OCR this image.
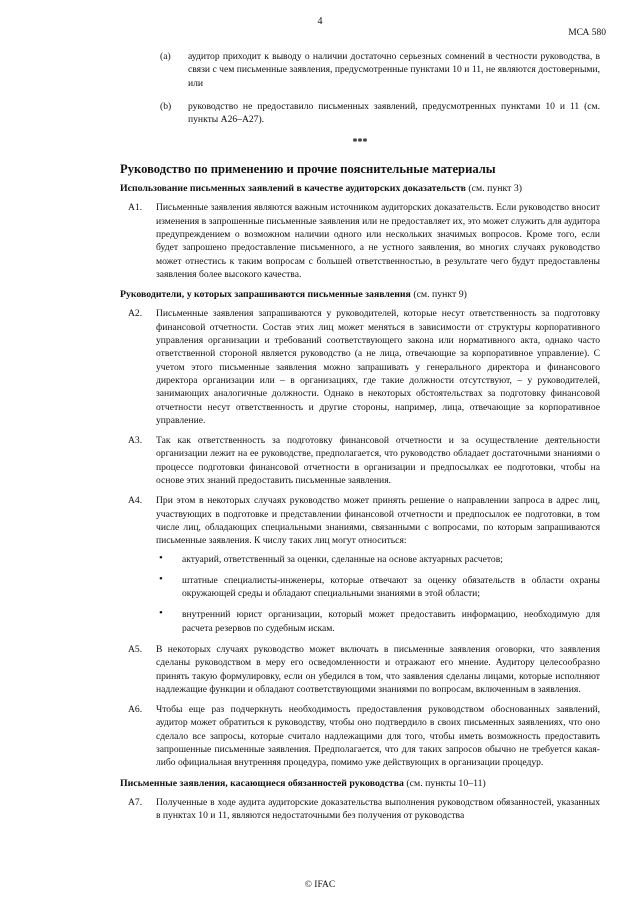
4
МСА 580
(a) аудитор приходит к выводу о наличии достаточно серьезных сомнений в честности руководства, в связи с чем письменные заявления, предусмотренные пунктами 10 и 11, не являются достоверными, или

(b) руководство не предоставило письменных заявлений, предусмотренных пунктами 10 и 11 (см. пункты A26–A27).

***
Руководство по применению и прочие пояснительные материалы
Использование письменных заявлений в качестве аудиторских доказательств (см. пункт 3)
A1. Письменные заявления являются важным источником аудиторских доказательств. Если руководство вносит изменения в запрошенные письменные заявления или не предоставляет их, это может служить для аудитора предупреждением о возможном наличии одного или нескольких значимых вопросов. Кроме того, если будет запрошено предоставление письменного, а не устного заявления, во многих случаях руководство может отнестись к таким вопросам с большей ответственностью, в результате чего будут предоставлены заявления более высокого качества.

Руководители, у которых запрашиваются письменные заявления (см. пункт 9)
A2. Письменные заявления запрашиваются у руководителей, которые несут ответственность за подготовку финансовой отчетности. Состав этих лиц может меняться в зависимости от структуры корпоративного управления организации и требований соответствующего закона или нормативного акта, однако часто ответственной стороной является руководство (а не лица, отвечающие за корпоративное управление). С учетом этого письменные заявления можно запрашивать у генерального директора и финансового директора организации или – в организациях, где такие должности отсутствуют, – у руководителей, занимающих аналогичные должности. Однако в некоторых обстоятельствах за подготовку финансовой отчетности несут ответственность и другие стороны, например, лица, отвечающие за корпоративное управление.

A3. Так как ответственность за подготовку финансовой отчетности и за осуществление деятельности организации лежит на ее руководстве, предполагается, что руководство обладает достаточными знаниями о процессе подготовки финансовой отчетности в организации и предпосылках ее подготовки, чтобы на основе этих знаний предоставить письменные заявления.

A4. При этом в некоторых случаях руководство может принять решение о направлении запроса в адрес лиц, участвующих в подготовке и представлении финансовой отчетности и предпосылок ее подготовки, в том числе лиц, обладающих специальными знаниями, связанными с вопросами, по которым запрашиваются письменные заявления. К числу таких лиц могут относиться:

• актуарий, ответственный за оценки, сделанные на основе актуарных расчетов;
• штатные специалисты-инженеры, которые отвечают за оценку обязательств в области охраны окружающей среды и обладают специальными знаниями в этой области;
• внутренний юрист организации, который может предоставить информацию, необходимую для расчета резервов по судебным искам.
A5. В некоторых случаях руководство может включать в письменные заявления оговорки, что заявления сделаны руководством в меру его осведомленности и отражают его мнение. Аудитору целесообразно принять такую формулировку, если он убедился в том, что заявления сделаны лицами, которые исполняют надлежащие функции и обладают соответствующими знаниями по вопросам, включенным в заявления.

A6. Чтобы еще раз подчеркнуть необходимость предоставления руководством обоснованных заявлений, аудитор может обратиться к руководству, чтобы оно подтвердило в своих письменных заявлениях, что оно сделало все запросы, которые считало надлежащими для того, чтобы иметь возможность предоставить запрошенные письменные заявления. Предполагается, что для таких запросов обычно не требуется какая-либо официальная внутренняя процедура, помимо уже действующих в организации процедур.

Письменные заявления, касающиеся обязанностей руководства (см. пункты 10–11)
A7. Полученные в ходе аудита аудиторские доказательства выполнения руководством обязанностей, указанных в пунктах 10 и 11, являются недостаточными без получения от руководства

© IFAC
